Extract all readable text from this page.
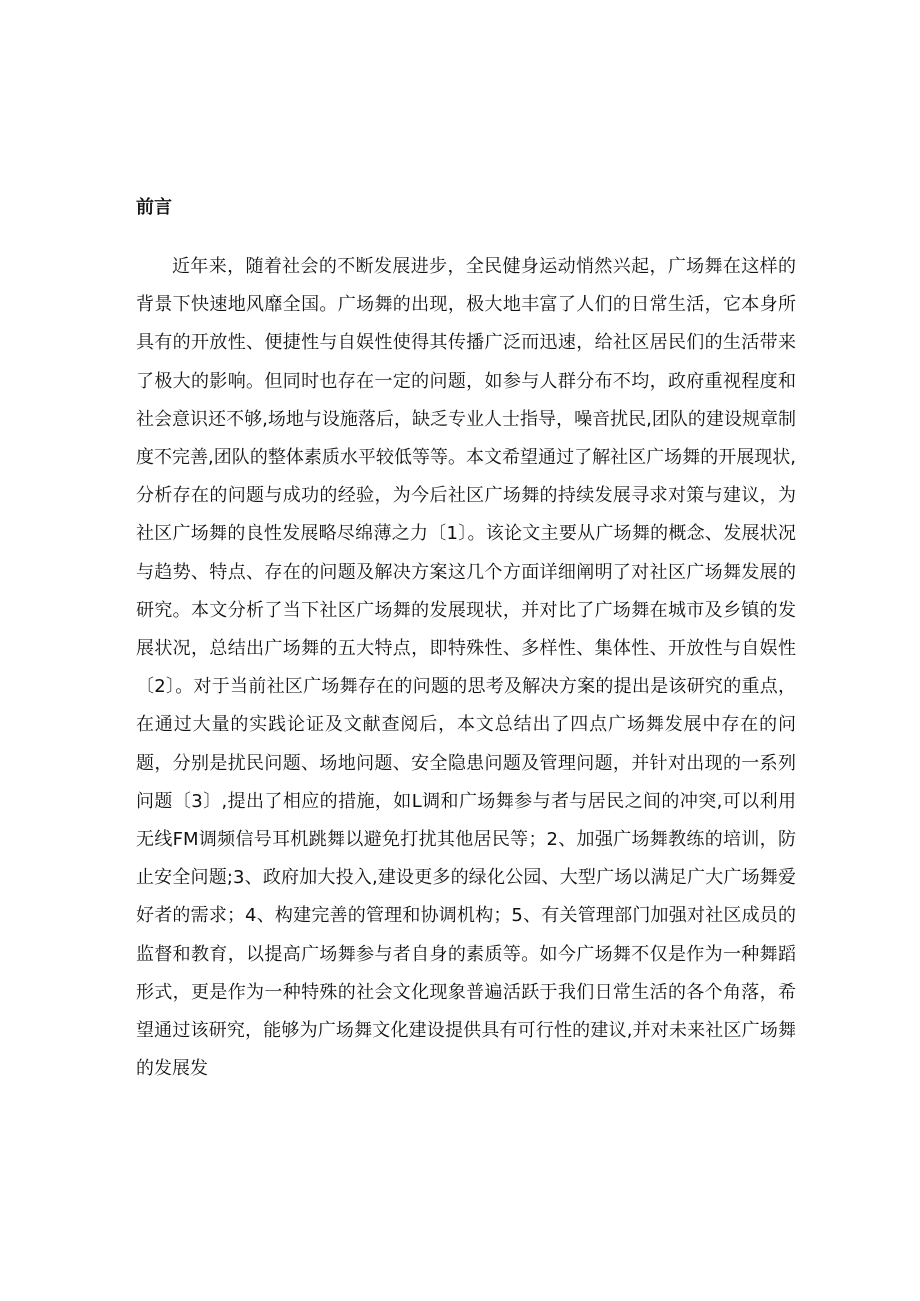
前言

近年来，随着社会的不断发展进步，全民健身运动悄然兴起，广场舞在这样的背景下快速地风靡全国。广场舞的出现，极大地丰富了人们的日常生活，它本身所具有的开放性、便捷性与自娱性使得其传播广泛而迅速，给社区居民们的生活带来了极大的影响。但同时也存在一定的问题，如参与人群分布不均，政府重视程度和社会意识还不够,场地与设施落后，缺乏专业人士指导，噪音扰民,团队的建设规章制度不完善,团队的整体素质水平较低等等。本文希望通过了解社区广场舞的开展现状,分析存在的问题与成功的经验，为今后社区广场舞的持续发展寻求对策与建议，为社区广场舞的良性发展略尽绵薄之力〔1〕。该论文主要从广场舞的概念、发展状况与趋势、特点、存在的问题及解决方案这几个方面详细阐明了对社区广场舞发展的研究。本文分析了当下社区广场舞的发展现状，并对比了广场舞在城市及乡镇的发展状况，总结出广场舞的五大特点，即特殊性、多样性、集体性、开放性与自娱性〔2〕。对于当前社区广场舞存在的问题的思考及解决方案的提出是该研究的重点，在通过大量的实践论证及文献查阅后，本文总结出了四点广场舞发展中存在的问题，分别是扰民问题、场地问题、安全隐患问题及管理问题，并针对出现的一系列问题〔3〕,提出了相应的措施，如L调和广场舞参与者与居民之间的冲突,可以利用无线FM调频信号耳机跳舞以避免打扰其他居民等；2、加强广场舞教练的培训，防止安全问题;3、政府加大投入,建设更多的绿化公园、大型广场以满足广大广场舞爱好者的需求；4、构建完善的管理和协调机构；5、有关管理部门加强对社区成员的监督和教育，以提高广场舞参与者自身的素质等。如今广场舞不仅是作为一种舞蹈形式，更是作为一种特殊的社会文化现象普遍活跃于我们日常生活的各个角落，希望通过该研究，能够为广场舞文化建设提供具有可行性的建议,并对未来社区广场舞的发展发
